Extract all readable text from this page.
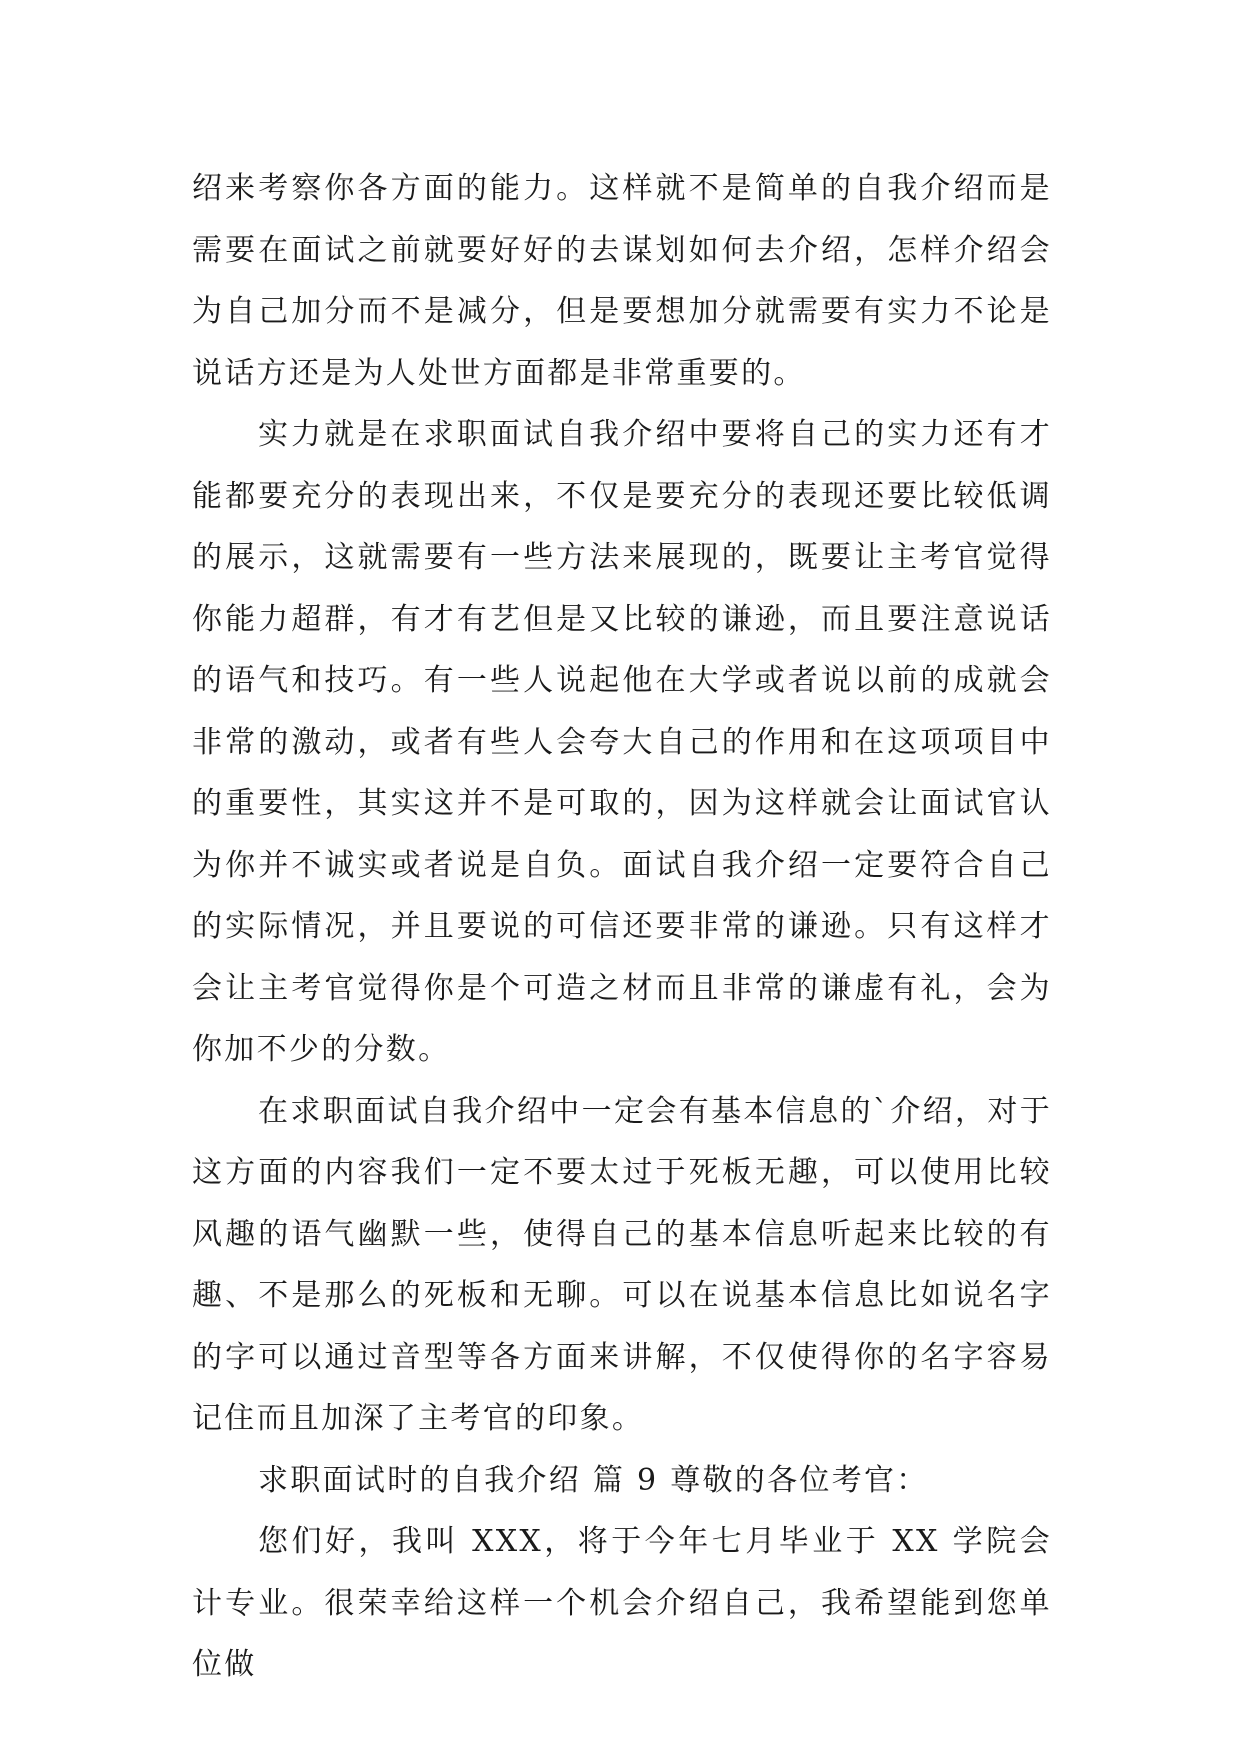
绍来考察你各方面的能力。这样就不是简单的自我介绍而是需要在面试之前就要好好的去谋划如何去介绍，怎样介绍会为自己加分而不是减分，但是要想加分就需要有实力不论是说话方还是为人处世方面都是非常重要的。

实力就是在求职面试自我介绍中要将自己的实力还有才能都要充分的表现出来，不仅是要充分的表现还要比较低调的展示，这就需要有一些方法来展现的，既要让主考官觉得你能力超群，有才有艺但是又比较的谦逊，而且要注意说话的语气和技巧。有一些人说起他在大学或者说以前的成就会非常的激动，或者有些人会夸大自己的作用和在这项项目中的重要性，其实这并不是可取的，因为这样就会让面试官认为你并不诚实或者说是自负。面试自我介绍一定要符合自己的实际情况，并且要说的可信还要非常的谦逊。只有这样才会让主考官觉得你是个可造之材而且非常的谦虚有礼，会为你加不少的分数。

在求职面试自我介绍中一定会有基本信息的`介绍，对于这方面的内容我们一定不要太过于死板无趣，可以使用比较风趣的语气幽默一些，使得自己的基本信息听起来比较的有趣、不是那么的死板和无聊。可以在说基本信息比如说名字的字可以通过音型等各方面来讲解，不仅使得你的名字容易记住而且加深了主考官的印象。

求职面试时的自我介绍 篇 9 尊敬的各位考官：

您们好，我叫 XXX，将于今年七月毕业于 XX 学院会计专业。很荣幸给这样一个机会介绍自己，我希望能到您单位做
